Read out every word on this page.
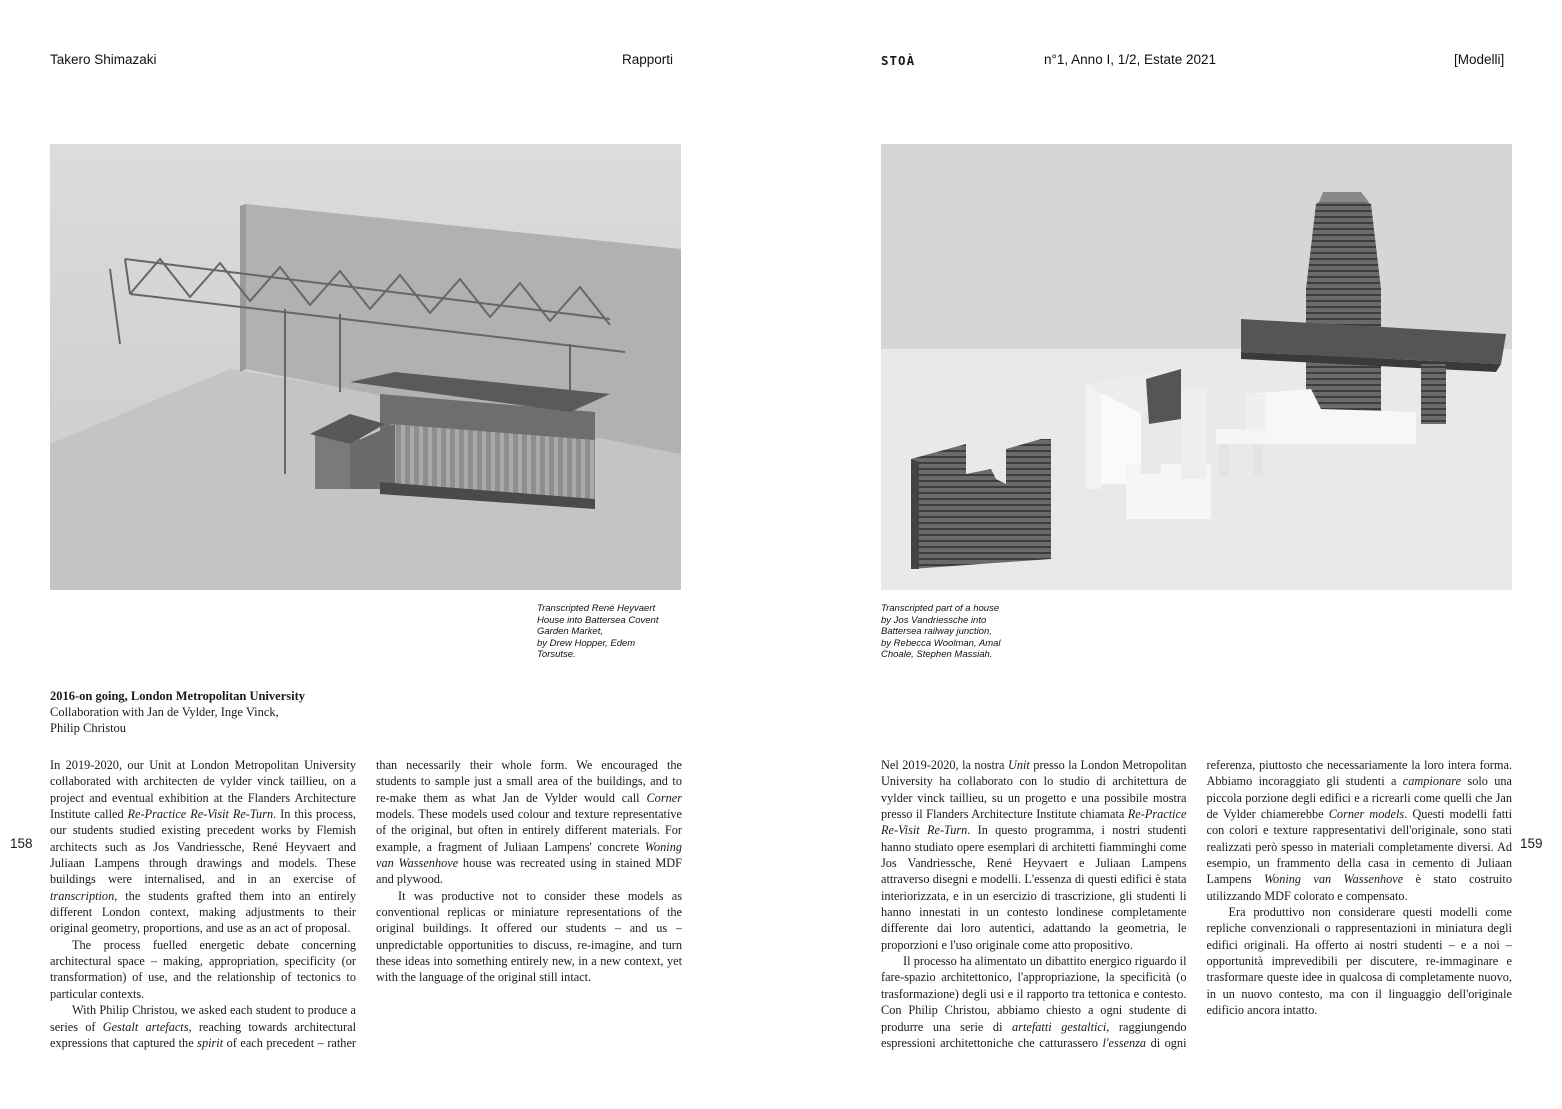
Takero Shimazaki	Rapporti	STOÀ	n°1, Anno I, 1/2, Estate 2021	[Modelli]
158	159
Transcripted René Heyvaert
House into Battersea Covent
Garden Market,
by Drew Hopper, Edem
Torsutse.
Transcripted part of a house
by Jos Vandriessche into
Battersea railway junction,
by Rebecca Woolman, Amal
Choale, Stephen Massiah.
2016-on going, London Metropolitan University
Collaboration with Jan de Vylder, Inge Vinck,
Philip Christou

In 2019-2020, our Unit at London Metropolitan University collaborated with architecten de vylder vinck taillieu, on a project and eventual exhibition at the Flanders Architecture Institute called Re-Practice Re-Visit Re-Turn. In this process, our students studied existing precedent works by Flemish architects such as Jos Vandriessche, René Heyvaert and Juliaan Lampens through drawings and models. These buildings were internalised, and in an exercise of transcription, the students grafted them into an entirely different London context, making adjustments to their original geometry, proportions, and use as an act of proposal.

The process fuelled energetic debate concerning architectural space – making, appropriation, specificity (or transformation) of use, and the relationship of tectonics to particular contexts.

With Philip Christou, we asked each student to produce a series of Gestalt artefacts, reaching towards architectural expressions that captured the spirit of each precedent – rather than necessarily their whole form. We encouraged the students to sample just a small area of the buildings, and to re-make them as what Jan de Vylder would call Corner models. These models used colour and texture representative of the original, but often in entirely different materials. For example, a fragment of Juliaan Lampens' concrete Woning van Wassenhove house was recreated using in stained MDF and plywood.

It was productive not to consider these models as conventional replicas or miniature representations of the original buildings. It offered our students – and us – unpredictable opportunities to discuss, re-imagine, and turn these ideas into something entirely new, in a new context, yet with the language of the original still intact.

Nel 2019-2020, la nostra Unit presso la London Metropolitan University ha collaborato con lo studio di architettura de vylder vinck taillieu, su un progetto e una possibile mostra presso il Flanders Architecture Institute chiamata Re-Practice Re-Visit Re-Turn. In questo programma, i nostri studenti hanno studiato opere esemplari di architetti fiamminghi come Jos Vandriessche, René Heyvaert e Juliaan Lampens attraverso disegni e modelli. L'essenza di questi edifici è stata interiorizzata, e in un esercizio di trascrizione, gli studenti li hanno innestati in un contesto londinese completamente differente dai loro autentici, adattando la geometria, le proporzioni e l'uso originale come atto propositivo.

Il processo ha alimentato un dibattito energico riguardo il fare-spazio architettonico, l'appropriazione, la specificità (o trasformazione) degli usi e il rapporto tra tettonica e contesto. Con Philip Christou, abbiamo chiesto a ogni studente di produrre una serie di artefatti gestaltici, raggiungendo espressioni architettoniche che catturassero l'essenza di ogni referenza, piuttosto che necessariamente la loro intera forma. Abbiamo incoraggiato gli studenti a campionare solo una piccola porzione degli edifici e a ricrearli come quelli che Jan de Vylder chiamerebbe Corner models. Questi modelli fatti con colori e texture rappresentativi dell'originale, sono stati realizzati però spesso in materiali completamente diversi. Ad esempio, un frammento della casa in cemento di Juliaan Lampens Woning van Wassenhove è stato costruito utilizzando MDF colorato e compensato.

Era produttivo non considerare questi modelli come repliche convenzionali o rappresentazioni in miniatura degli edifici originali. Ha offerto ai nostri studenti – e a noi – opportunità imprevedibili per discutere, re-immaginare e trasformare queste idee in qualcosa di completamente nuovo, in un nuovo contesto, ma con il linguaggio dell'originale edificio ancora intatto.
